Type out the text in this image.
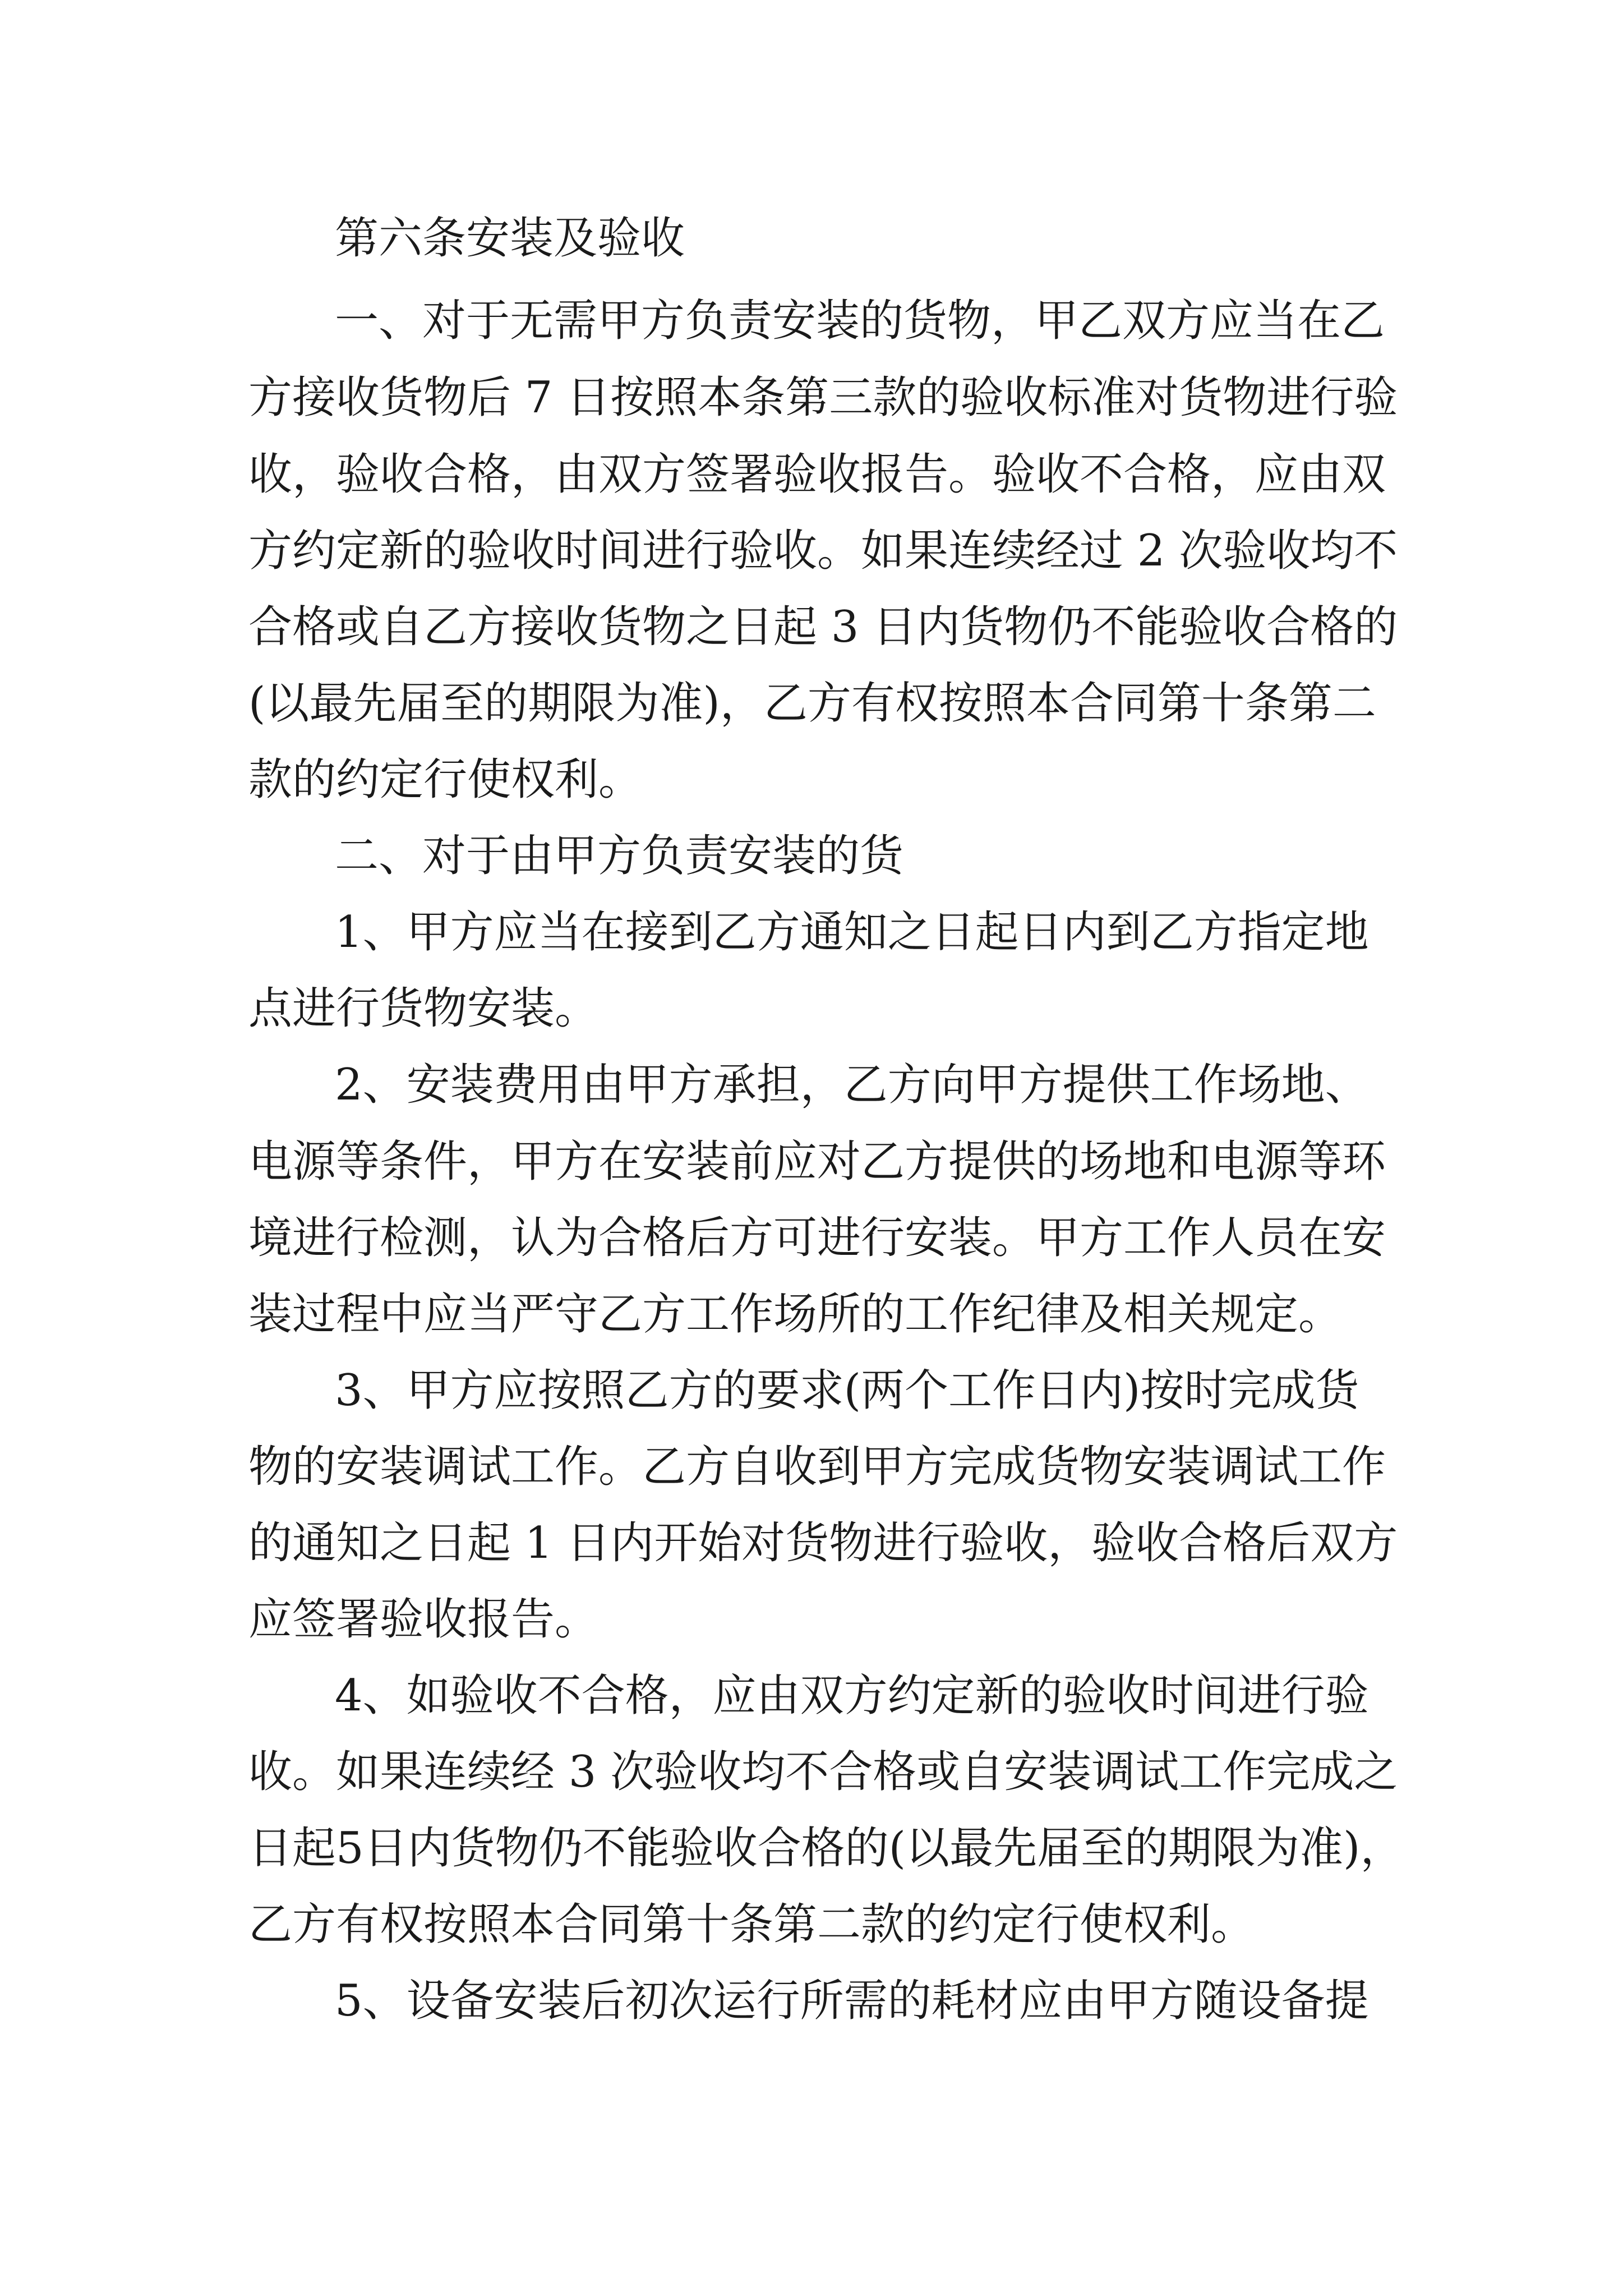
第六条安装及验收

一、对于无需甲方负责安装的货物，甲乙双方应当在乙

方接收货物后 7 日按照本条第三款的验收标准对货物进行验

收，验收合格，由双方签署验收报告。验收不合格，应由双

方约定新的验收时间进行验收。如果连续经过 2 次验收均不

合格或自乙方接收货物之日起 3 日内货物仍不能验收合格的

(以最先届至的期限为准)，乙方有权按照本合同第十条第二

款的约定行使权利。

二、对于由甲方负责安装的货

1、甲方应当在接到乙方通知之日起日内到乙方指定地

点进行货物安装。

2、安装费用由甲方承担，乙方向甲方提供工作场地、

电源等条件，甲方在安装前应对乙方提供的场地和电源等环

境进行检测，认为合格后方可进行安装。甲方工作人员在安

装过程中应当严守乙方工作场所的工作纪律及相关规定。

3、甲方应按照乙方的要求(两个工作日内)按时完成货

物的安装调试工作。乙方自收到甲方完成货物安装调试工作

的通知之日起 1 日内开始对货物进行验收，验收合格后双方

应签署验收报告。

4、如验收不合格，应由双方约定新的验收时间进行验

收。如果连续经 3 次验收均不合格或自安装调试工作完成之

日起5日内货物仍不能验收合格的(以最先届至的期限为准)，

乙方有权按照本合同第十条第二款的约定行使权利。

5、设备安装后初次运行所需的耗材应由甲方随设备提
